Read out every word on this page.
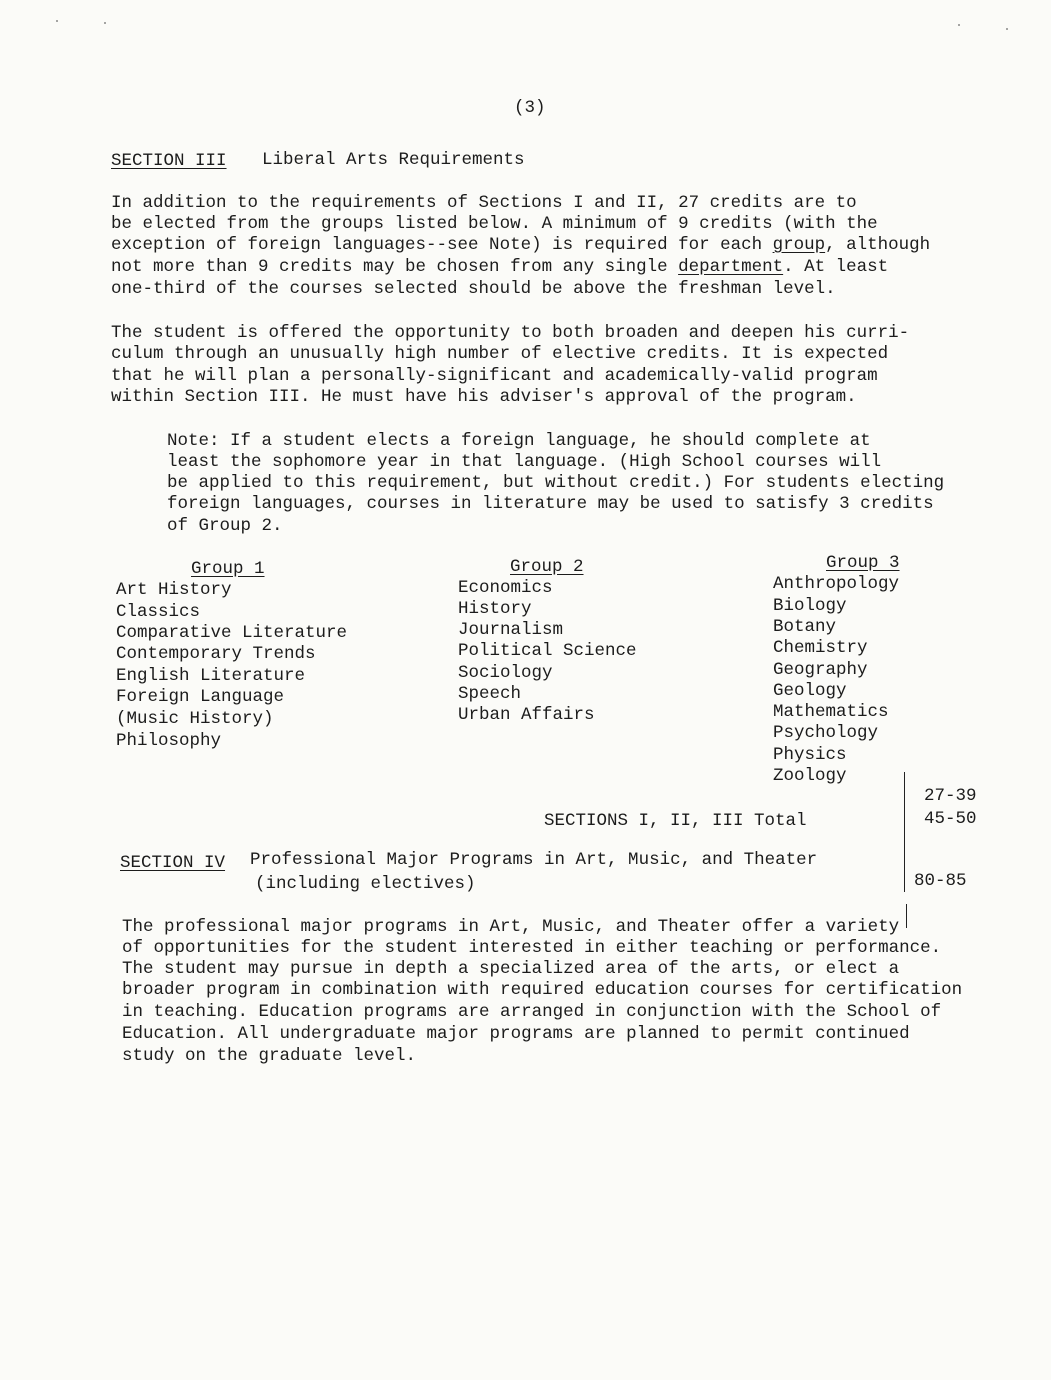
(3)
SECTION III Liberal Arts Requirements
In addition to the requirements of Sections I and II, 27 credits are to
be elected from the groups listed below. A minimum of 9 credits (with the
exception of foreign languages--see Note) is required for each group, although
not more than 9 credits may be chosen from any single department. At least
one-third of the courses selected should be above the freshman level.
The student is offered the opportunity to both broaden and deepen his curri-
culum through an unusually high number of elective credits. It is expected
that he will plan a personally-significant and academically-valid program
within Section III. He must have his adviser's approval of the program.
Note: If a student elects a foreign language, he should complete at
least the sophomore year in that language. (High School courses will
be applied to this requirement, but without credit.) For students electing
foreign languages, courses in literature may be used to satisfy 3 credits
of Group 2.
Group 1
Art History
Classics
Comparative Literature
Contemporary Trends
English Literature
Foreign Language
(Music History)
Philosophy
Group 2
Economics
History
Journalism
Political Science
Sociology
Speech
Urban Affairs
Group 3
Anthropology
Biology
Botany
Chemistry
Geography
Geology
Mathematics
Psychology
Physics
Zoology
27-39
45-50
80-85
SECTIONS I, II, III Total
SECTION IV Professional Major Programs in Art, Music, and Theater
(including electives)
The professional major programs in Art, Music, and Theater offer a variety
of opportunities for the student interested in either teaching or performance.
The student may pursue in depth a specialized area of the arts, or elect a
broader program in combination with required education courses for certification
in teaching. Education programs are arranged in conjunction with the School of
Education. All undergraduate major programs are planned to permit continued
study on the graduate level.
